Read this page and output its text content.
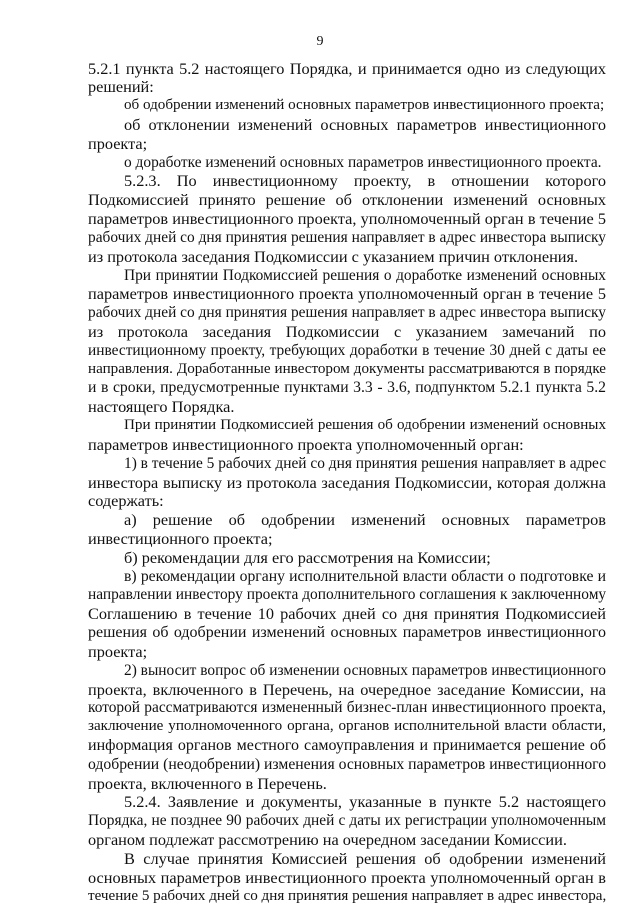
9
5.2.1 пункта 5.2 настоящего Порядка, и принимается одно из следующих
решений:
об одобрении изменений основных параметров инвестиционного проекта;
об отклонении изменений основных параметров инвестиционного
проекта;
о доработке изменений основных параметров инвестиционного проекта.
5.2.3. По инвестиционному проекту, в отношении которого
Подкомиссией принято решение об отклонении изменений основных
параметров инвестиционного проекта, уполномоченный орган в течение 5
рабочих дней со дня принятия решения направляет в адрес инвестора выписку
из протокола заседания Подкомиссии с указанием причин отклонения.
При принятии Подкомиссией решения о доработке изменений основных
параметров инвестиционного проекта уполномоченный орган в течение 5
рабочих дней со дня принятия решения направляет в адрес инвестора выписку
из протокола заседания Подкомиссии с указанием замечаний по
инвестиционному проекту, требующих доработки в течение 30 дней с даты ее
направления. Доработанные инвестором документы рассматриваются в порядке
и в сроки, предусмотренные пунктами 3.3 - 3.6, подпунктом 5.2.1 пункта 5.2
настоящего Порядка.
При принятии Подкомиссией решения об одобрении изменений основных
параметров инвестиционного проекта уполномоченный орган:
1) в течение 5 рабочих дней со дня принятия решения направляет в адрес
инвестора выписку из протокола заседания Подкомиссии, которая должна
содержать:
а) решение об одобрении изменений основных параметров
инвестиционного проекта;
б) рекомендации для его рассмотрения на Комиссии;
в) рекомендации органу исполнительной власти области о подготовке и
направлении инвестору проекта дополнительного соглашения к заключенному
Соглашению в течение 10 рабочих дней со дня принятия Подкомиссией
решения об одобрении изменений основных параметров инвестиционного
проекта;
2) выносит вопрос об изменении основных параметров инвестиционного
проекта, включенного в Перечень, на очередное заседание Комиссии, на
которой рассматриваются измененный бизнес-план инвестиционного проекта,
заключение уполномоченного органа, органов исполнительной власти области,
информация органов местного самоуправления и принимается решение об
одобрении (неодобрении) изменения основных параметров инвестиционного
проекта, включенного в Перечень.
5.2.4. Заявление и документы, указанные в пункте 5.2 настоящего
Порядка, не позднее 90 рабочих дней с даты их регистрации уполномоченным
органом подлежат рассмотрению на очередном заседании Комиссии.
В случае принятия Комиссией решения об одобрении изменений
основных параметров инвестиционного проекта уполномоченный орган в
течение 5 рабочих дней со дня принятия решения направляет в адрес инвестора,
